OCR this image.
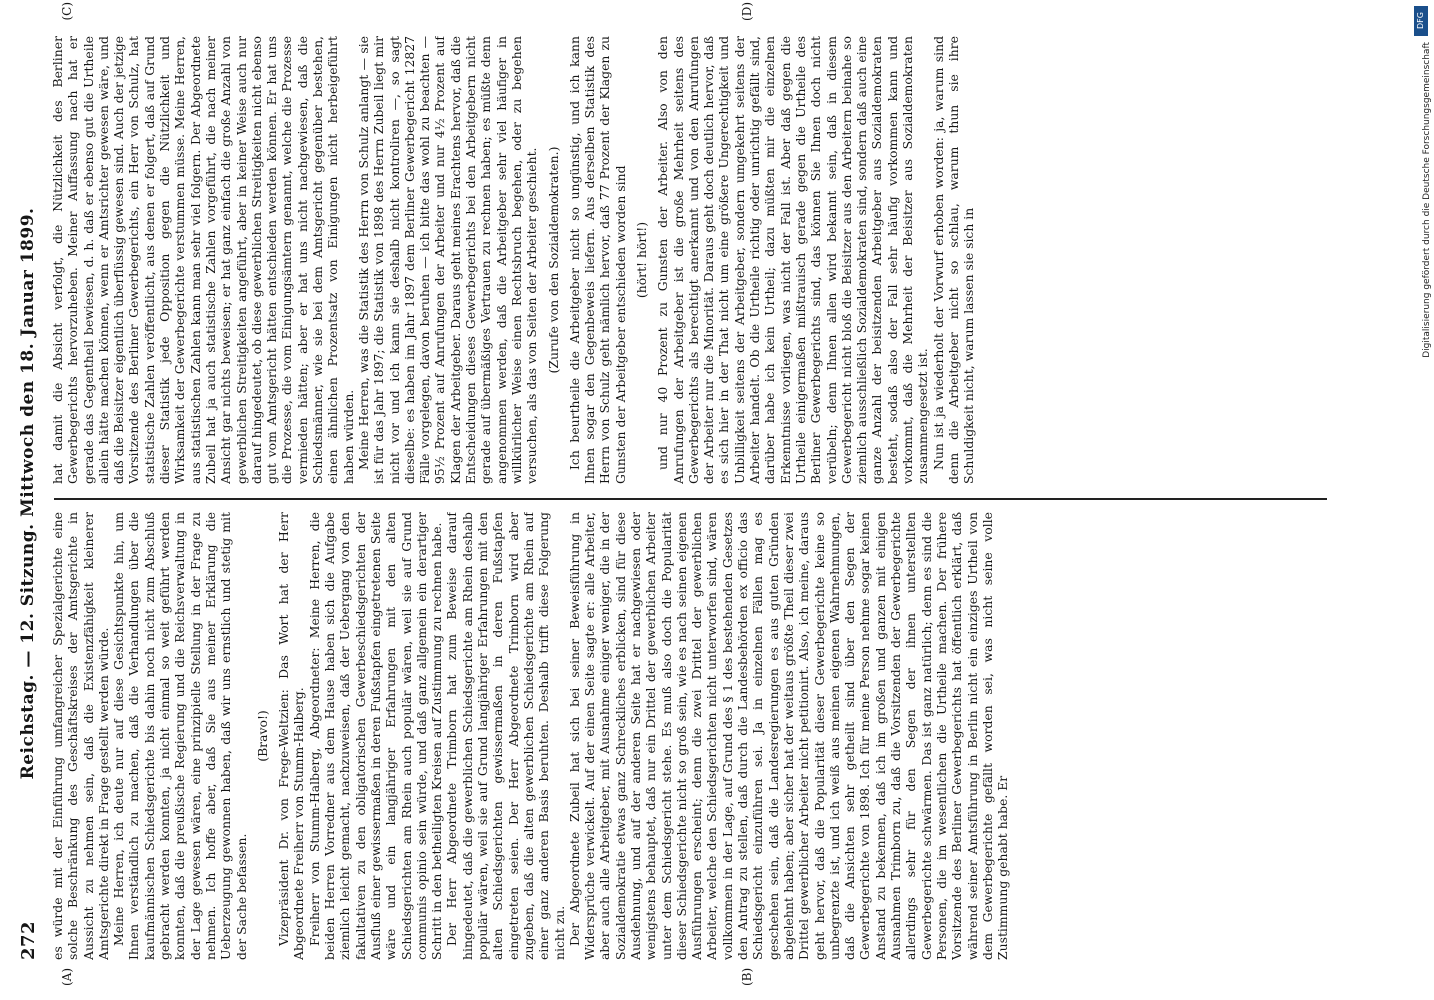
272
Reichstag. — 12. Sitzung. Mittwoch den 18. Januar 1899. es würde mit der Einführung umfangreicher Spezialgerichte eine solche Beschränkung des Geschäftskreises der Amtsgerichte in Aussicht zu nehmen sein, daß die Existenzfähigkeit kleinerer Amtsgerichte direkt in Frage gestellt werden würde. Meine Herren, ich deute nur auf diese Gesichtspunkte hin, um Ihnen verständlich zu machen, daß die Verhandlungen über die kaufmännischen Schiedsgerichte bis dahin noch nicht zum Abschluß gebracht werden konnten, ja nicht einmal so weit geführt werden konnten, daß die preußische Regierung und die Reichsverwaltung in der Lage gewesen wären, eine prinzipielle Stellung in der Frage zu nehmen. Ich hoffe aber, daß Sie aus meiner Erklärung die Ueberzeugung gewonnen haben, daß wir uns ernstlich und stetig mit der Sache befassen.

(Bravo!) Vizepräsident Dr. von Frege-Weltzien: Das Wort hat der Herr Abgeordnete Freiherr von Stumm-Halberg. Freiherr von Stumm-Halberg, Abgeordneter: Meine Herren, die beiden Herren Vorredner aus dem Hause haben sich die Aufgabe ziemlich leicht gemacht, nachzuweisen, daß der Uebergang von den fakultativen zu den obligatorischen Gewerbeschiedsgerichten der Ausfluß einer gewissermaßen in deren Fußstapfen eingetretenen Seite wäre und ein langjähriger Erfahrungen mit den alten Schiedsgerichten am Rhein auch populär wären, weil sie auf Grund communis opinio sein würde, und daß ganz allgemein ein derartiger Schritt in den betheiligten Kreisen auf Zustimmung zu rechnen habe. Der Herr Abgeordnete Trimborn hat zum Beweise darauf hingedeutet, daß die gewerblichen Schiedsgerichte am Rhein deshalb populär wären, weil sie auf Grund langjähriger Erfahrungen mit den alten Schiedsgerichten gewissermaßen in deren Fußstapfen eingetreten seien. Der Herr Abgeordnete Trimborn wird aber zugeben, daß die alten gewerblichen Schiedsgerichte am Rhein auf einer ganz anderen Basis beruhten. Deshalb trifft diese Folgerung nicht zu. Der Abgeordnete Zubeil hat sich bei seiner Beweisführung in Widersprüche verwickelt. Auf der einen Seite sagte er: alle Arbeiter, aber auch alle Arbeitgeber, mit Ausnahme einiger weniger, die in der Sozialdemokratie etwas ganz Schreckliches erblicken, sind für diese Ausdehnung, und auf der anderen Seite hat er nachgewiesen oder wenigstens behauptet, daß nur ein Drittel der gewerblichen Arbeiter unter dem Schiedsgericht stehe. Es muß also doch die Popularität dieser Schiedsgerichte nicht so groß sein, wie es nach seinen eigenen Ausführungen erscheint; denn die zwei Drittel der gewerblichen Arbeiter, welche den Schiedsgerichten nicht unterworfen sind, wären vollkommen in der Lage, auf Grund des § 1 des bestehenden Gesetzes den Antrag zu stellen, daß durch die Landesbehörden ex officio das Schiedsgericht einzuführen sei. Ja in einzelnen Fällen mag es geschehen sein, daß die Landesregierungen es aus guten Gründen abgelehnt haben; aber sicher hat der weitaus größte Theil dieser zwei Drittel gewerblicher Arbeiter nicht petitionirt. Also, ich meine, daraus geht hervor, daß die Popularität dieser Gewerbegerichte keine so unbegrenzte ist, und ich weiß aus meinen eigenen Wahrnehmungen, daß die Ansichten sehr getheilt sind über den Segen der Gewerbegerichte von 1898. Ich für meine Person nehme sogar keinen Anstand zu bekennen, daß ich im großen und ganzen mit einigen Ausnahmen Trimborn zu, daß die Vorsitzenden der Gewerbegerichte allerdings sehr für den Segen der ihnen unterstellten Gewerbegerichte schwärmen. Das ist ganz natürlich; denn es sind die Personen, die im wesentlichen die Urtheile machen. Der frühere Vorsitzende des Berliner Gewerbegerichts hat öffentlich erklärt, daß während seiner Amtsführung in Berlin nicht ein einziges Urtheil von dem Gewerbegerichte gefällt worden sei, was nicht seine volle Zustimmung gehabt habe. Er

hat damit die Absicht verfolgt, die Nützlichkeit des Berliner Gewerbegerichts hervorzuheben. Meiner Auffassung nach hat er gerade das Gegentheil bewiesen, d. h. daß er ebenso gut die Urtheile allein hätte machen können, wenn er Amtsrichter gewesen wäre, und daß die Beisitzer eigentlich überflüssig gewesen sind. Auch der jetzige Vorsitzende des Berliner Gewerbegerichts, ein Herr von Schulz, hat statistische Zahlen veröffentlicht, aus denen er folgert, daß auf Grund dieser Statistik jede Opposition gegen die Nützlichkeit und Wirksamkeit der Gewerbegerichte verstummen müsse. Meine Herren, aus statistischen Zahlen kann man sehr viel folgern. Der Abgeordnete Zubeil hat ja auch statistische Zahlen vorgeführt, die nach meiner Ansicht gar nichts beweisen; er hat ganz einfach die große Anzahl von gewerblichen Streitigkeiten angeführt, aber in keiner Weise auch nur darauf hingedeutet, ob diese gewerblichen Streitigkeiten nicht ebenso gut vom Amtsgericht hätten entschieden werden können. Er hat uns die Prozesse, die vom Einigungsämtern genannt, welche die Prozesse vermieden hätten; aber er hat uns nicht nachgewiesen, daß die Schiedsmänner, wie sie bei dem Amtsgericht gegenüber bestehen, einen ähnlichen Prozentsatz von Einigungen nicht herbeigeführt haben würden. Meine Herren, was die Statistik des Herrn von Schulz anlangt — sie ist für das Jahr 1897; die Statistik von 1898 des Herrn Zubeil liegt mir nicht vor und ich kann sie deshalb nicht kontroliren —, so sagt dieselbe: es haben im Jahr 1897 dem Berliner Gewerbegericht 12827 Fälle vorgelegen, davon beruhen — ich bitte das wohl zu beachten — 95½ Prozent auf Anrufungen der Arbeiter und nur 4½ Prozent auf Klagen der Arbeitgeber. Daraus geht meines Erachtens hervor, daß die Entscheidungen dieses Gewerbegerichts bei den Arbeitgebern nicht gerade auf übermäßiges Vertrauen zu rechnen haben; es müßte denn angenommen werden, daß die Arbeitgeber sehr viel häufiger in willkürlicher Weise einen Rechtsbruch begehen, oder zu begehen versuchen, als das von Seiten der Arbeiter geschieht. (Zurufe von den Sozialdemokraten.) Ich beurtheile die Arbeitgeber nicht so ungünstig, und ich kann Ihnen sogar den Gegenbeweis liefern. Aus derselben Statistik des Herrn von Schulz geht nämlich hervor, daß 77 Prozent der Klagen zu Gunsten der Arbeitgeber entschieden worden sind (hört! hört!) und nur 40 Prozent zu Gunsten der Arbeiter. Also von den Anrufungen der Arbeitgeber ist die große Mehrheit seitens des Gewerbegerichts als berechtigt anerkannt und von den Anrufungen der Arbeiter nur die Minorität. Daraus geht doch deutlich hervor, daß es sich hier in der That nicht um eine größere Ungerechtigkeit und Unbilligkeit seitens der Arbeitgeber, sondern umgekehrt seitens der Arbeiter handelt. Ob die Urtheile richtig oder unrichtig gefällt sind, darüber habe ich kein Urtheil; dazu müßten mir die einzelnen Erkenntnisse vorliegen, was nicht der Fall ist. Aber daß gegen die Urtheile einigermaßen mißtrauisch gerade gegen die Urtheile des Berliner Gewerbegerichts sind, das können Sie Ihnen doch nicht verübeln; denn Ihnen allen wird bekannt sein, daß in diesem Gewerbegericht nicht bloß die Beisitzer aus den Arbeitern beinahe so ziemlich ausschließlich Sozialdemokraten sind, sondern daß auch eine ganze Anzahl der beisitzenden Arbeitgeber aus Sozialdemokraten besteht, sodaß also der Fall sehr häufig vorkommen kann und vorkommt, daß die Mehrheit der Beisitzer aus Sozialdemokraten zusammengesetzt ist. Nun ist ja wiederholt der Vorwurf erhoben worden: ja, warum sind denn die Arbeitgeber nicht so schlau, warum thun sie ihre Schuldigkeit nicht, warum lassen sie sich in

(A)	(B)
(C)	(D)
DFG
Digitalisierung gefördert durch die Deutsche Forschungsgemeinschaft
